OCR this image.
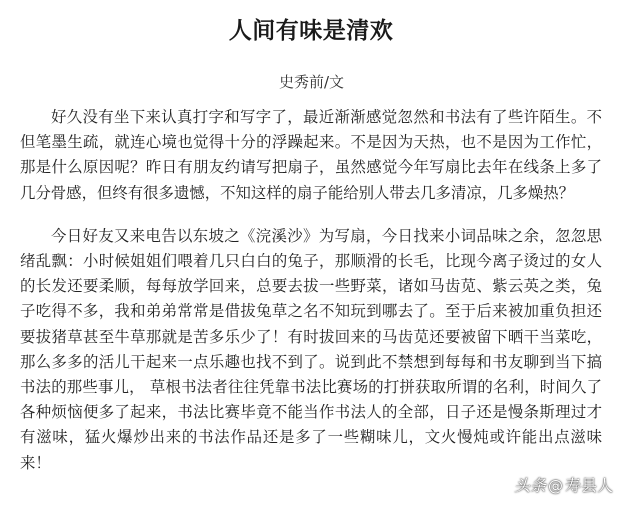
人间有味是清欢

史秀前/文

好久没有坐下来认真打字和写字了，最近渐渐感觉忽然和书法有了些许陌生。不但笔墨生疏，就连心境也觉得十分的浮躁起来。不是因为天热，也不是因为工作忙，那是什么原因呢？昨日有朋友约请写把扇子，虽然感觉今年写扇比去年在线条上多了几分骨感，但终有很多遗憾，不知这样的扇子能给别人带去几多清凉，几多燥热？

今日好友又来电告以东坡之《浣溪沙》为写扇，今日找来小词品味之余，忽忽思绪乱飘：小时候姐姐们喂着几只白白的兔子，那顺滑的长毛，比现今离子烫过的女人的长发还要柔顺，每每放学回来，总要去拔一些野菜，诸如马齿苋、紫云英之类，兔子吃得不多，我和弟弟常常是借拔兔草之名不知玩到哪去了。至于后来被加重负担还要拔猪草甚至牛草那就是苦多乐少了！有时拔回来的马齿苋还要被留下晒干当菜吃，那么多多的活儿干起来一点乐趣也找不到了。说到此不禁想到每每和书友聊到当下搞书法的那些事儿， 草根书法者往往凭靠书法比赛场的打拼获取所谓的名利，时间久了各种烦恼便多了起来，书法比赛毕竟不能当作书法人的全部，日子还是慢条斯理过才有滋味，猛火爆炒出来的书法作品还是多了一些糊味儿，文火慢炖或许能出点滋味来！

头条 @ 寿县人
